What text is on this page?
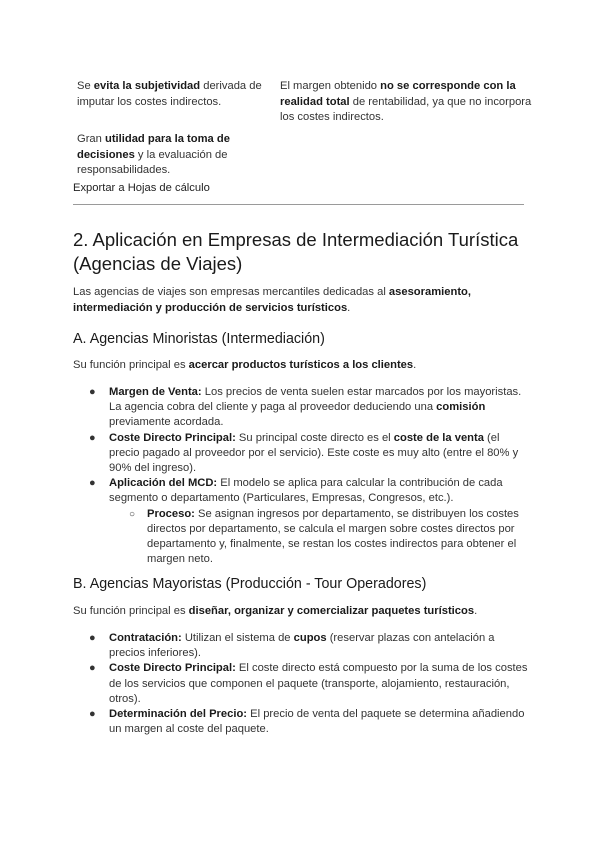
Se evita la subjetividad derivada de imputar los costes indirectos.
El margen obtenido no se corresponde con la realidad total de rentabilidad, ya que no incorpora los costes indirectos.
Gran utilidad para la toma de decisiones y la evaluación de responsabilidades.
Exportar a Hojas de cálculo
2. Aplicación en Empresas de Intermediación Turística (Agencias de Viajes)

Las agencias de viajes son empresas mercantiles dedicadas al asesoramiento, intermediación y producción de servicios turísticos.

A. Agencias Minoristas (Intermediación)

Su función principal es acercar productos turísticos a los clientes.

● Margen de Venta: Los precios de venta suelen estar marcados por los mayoristas. La agencia cobra del cliente y paga al proveedor deduciendo una comisión previamente acordada.
● Coste Directo Principal: Su principal coste directo es el coste de la venta (el precio pagado al proveedor por el servicio). Este coste es muy alto (entre el 80% y 90% del ingreso).
● Aplicación del MCD: El modelo se aplica para calcular la contribución de cada segmento o departamento (Particulares, Empresas, Congresos, etc.).
○ Proceso: Se asignan ingresos por departamento, se distribuyen los costes directos por departamento, se calcula el margen sobre costes directos por departamento y, finalmente, se restan los costes indirectos para obtener el margen neto.
B. Agencias Mayoristas (Producción - Tour Operadores)

Su función principal es diseñar, organizar y comercializar paquetes turísticos.

● Contratación: Utilizan el sistema de cupos (reservar plazas con antelación a precios inferiores).
● Coste Directo Principal: El coste directo está compuesto por la suma de los costes de los servicios que componen el paquete (transporte, alojamiento, restauración, otros).
● Determinación del Precio: El precio de venta del paquete se determina añadiendo un margen al coste del paquete.
